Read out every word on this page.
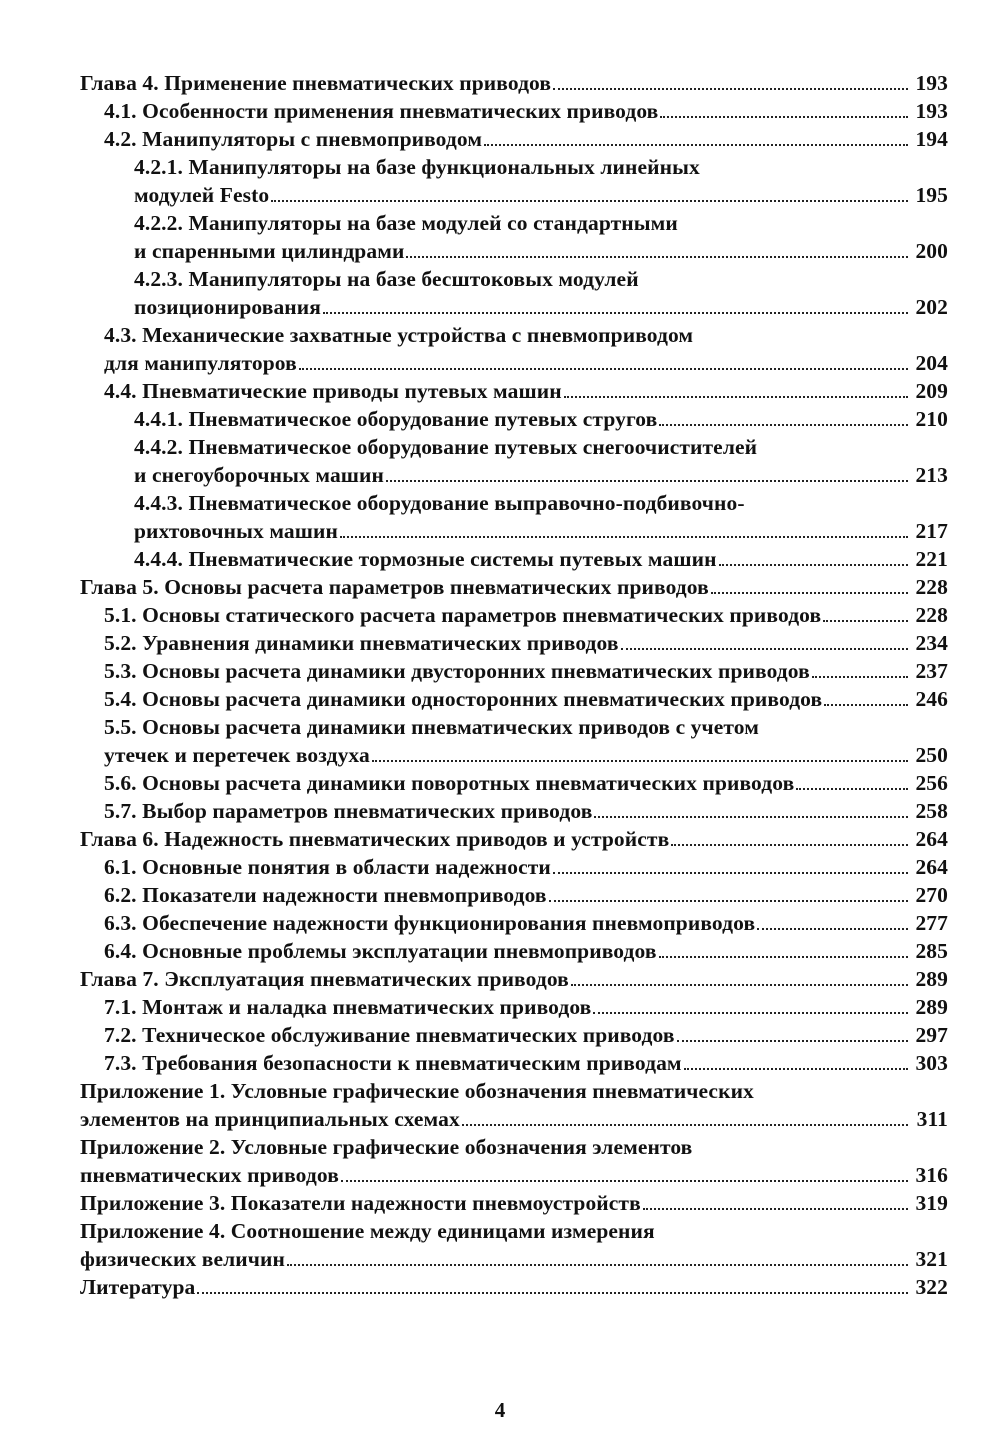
Глава 4. Применение пневматических приводов	193
4.1. Особенности применения пневматических приводов	193
4.2. Манипуляторы с пневмоприводом	194
4.2.1. Манипуляторы на базе функциональных линейных
модулей Festo	195
4.2.2. Манипуляторы на базе модулей со стандартными
и спаренными цилиндрами	200
4.2.3. Манипуляторы на базе бесштоковых модулей
позиционирования	202
4.3. Механические захватные устройства с пневмоприводом
для манипуляторов	204
4.4. Пневматические приводы путевых машин	209
4.4.1. Пневматическое оборудование путевых стругов	210
4.4.2. Пневматическое оборудование путевых снегоочистителей
и снегоуборочных машин	213
4.4.3. Пневматическое оборудование выправочно-подбивочно-
рихтовочных машин	217
4.4.4. Пневматические тормозные системы путевых машин	221
Глава 5. Основы расчета параметров пневматических приводов	228
5.1. Основы статического расчета параметров пневматических приводов	228
5.2. Уравнения динамики пневматических приводов	234
5.3. Основы расчета динамики двусторонних пневматических приводов	237
5.4. Основы расчета динамики односторонних пневматических приводов	246
5.5. Основы расчета динамики пневматических приводов с учетом
утечек и перетечек воздуха	250
5.6. Основы расчета динамики поворотных пневматических приводов	256
5.7. Выбор параметров пневматических приводов	258
Глава 6. Надежность пневматических приводов и устройств	264
6.1. Основные понятия в области надежности	264
6.2. Показатели надежности пневмоприводов	270
6.3. Обеспечение надежности функционирования пневмоприводов	277
6.4. Основные проблемы эксплуатации пневмоприводов	285
Глава 7. Эксплуатация пневматических приводов	289
7.1. Монтаж и наладка пневматических приводов	289
7.2. Техническое обслуживание пневматических приводов	297
7.3. Требования безопасности к пневматическим приводам	303
Приложение 1. Условные графические обозначения пневматических
элементов на принципиальных схемах	311
Приложение 2. Условные графические обозначения элементов
пневматических приводов	316
Приложение 3. Показатели надежности пневмоустройств	319
Приложение 4. Соотношение между единицами измерения
физических величин	321
Литература	322
4
